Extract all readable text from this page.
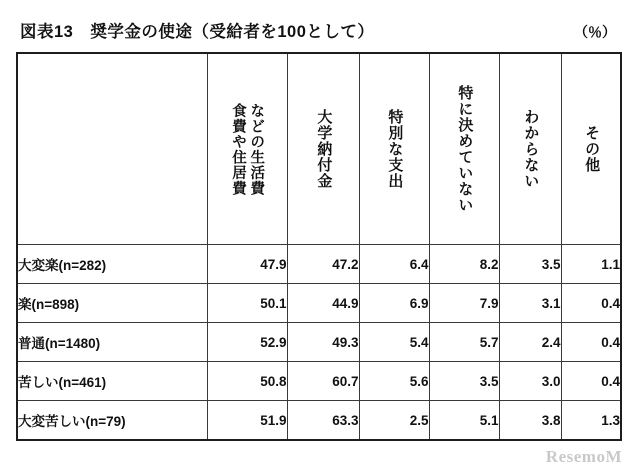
図表13　奨学金の使途（受給者を100として）	（％）

	食費や住居費 などの生活費	大学納付金	特別な支出	特に決めていない	わからない	その他

大変楽(n=282)	47.9	47.2	6.4	8.2	3.5	1.1
楽(n=898)	50.1	44.9	6.9	7.9	3.1	0.4
普通(n=1480)	52.9	49.3	5.4	5.7	2.4	0.4
苦しい(n=461)	50.8	60.7	5.6	3.5	3.0	0.4
大変苦しい(n=79)	51.9	63.3	2.5	5.1	3.8	1.3
ResemoM
